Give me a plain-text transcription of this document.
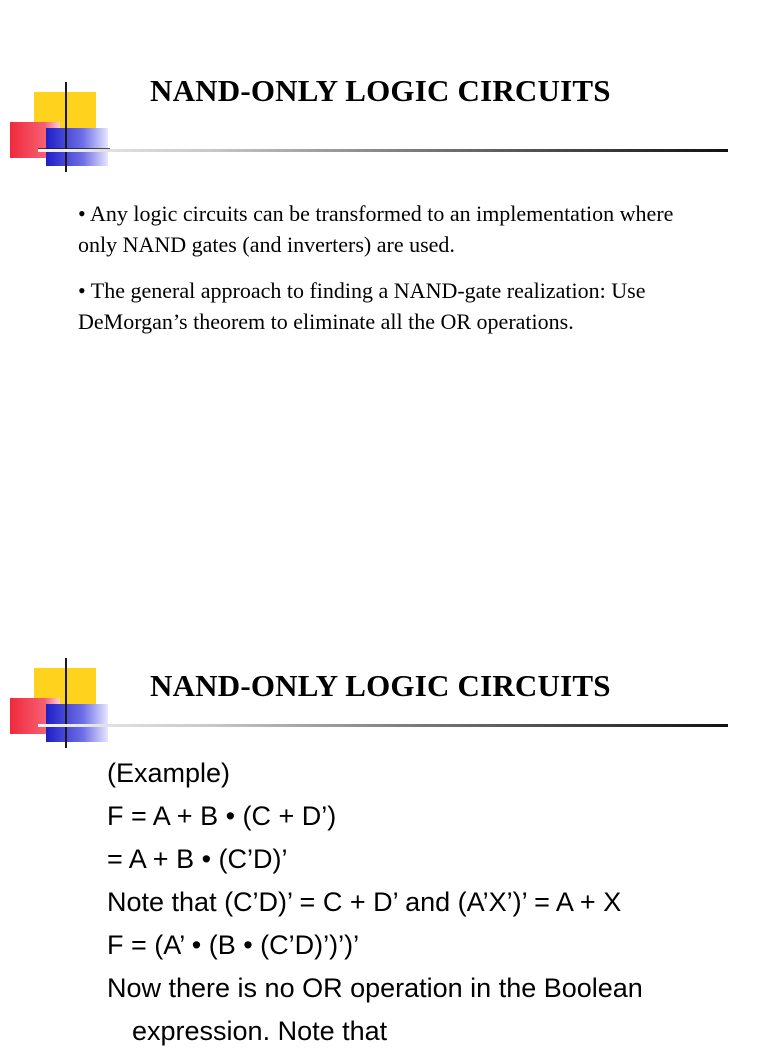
NAND-ONLY LOGIC CIRCUITS

• Any logic circuits can be transformed to an implementation where only NAND gates (and inverters) are used.

• The general approach to finding a NAND-gate realization: Use DeMorgan’s theorem to eliminate all the OR operations.

NAND-ONLY LOGIC CIRCUITS
(Example)
F = A + B • (C + D’)
= A + B • (C’D)’
Note that (C’D)’ = C + D’ and (A’X’)’ = A + X
F = (A’ • (B • (C’D)’)’)’
Now there is no OR operation in the Boolean
expression. Note that
